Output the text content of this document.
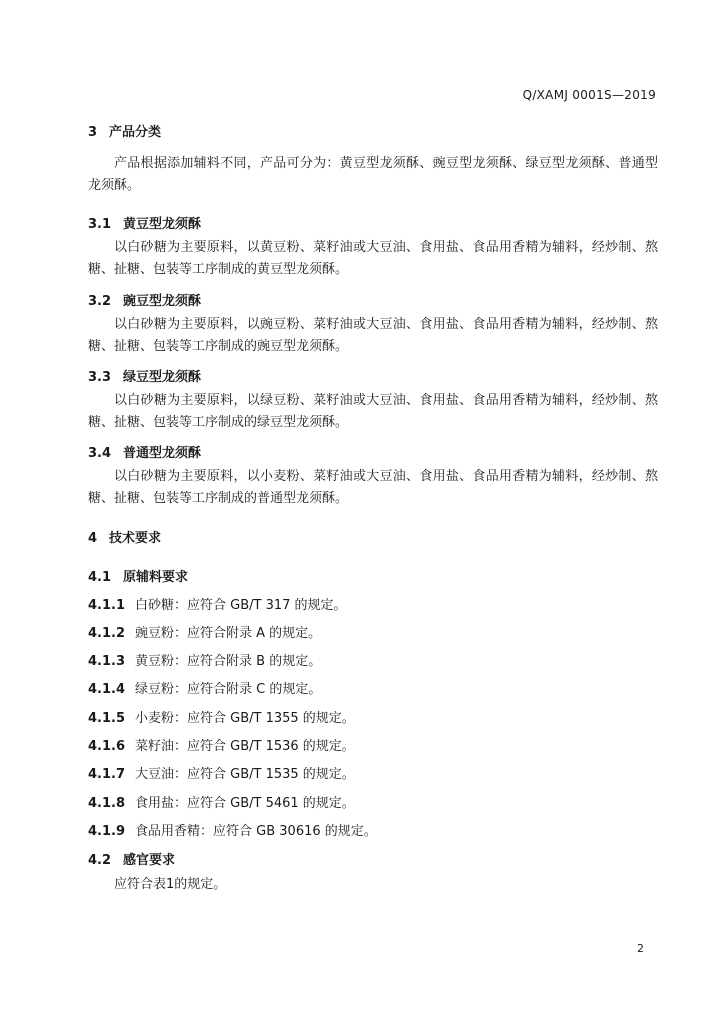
Q/XAMJ 0001S—2019
3 产品分类

产品根据添加辅料不同，产品可分为：黄豆型龙须酥、豌豆型龙须酥、绿豆型龙须酥、普通型龙须酥。

3.1 黄豆型龙须酥

以白砂糖为主要原料，以黄豆粉、菜籽油或大豆油、食用盐、食品用香精为辅料，经炒制、熬糖、扯糖、包装等工序制成的黄豆型龙须酥。

3.2 豌豆型龙须酥

以白砂糖为主要原料，以豌豆粉、菜籽油或大豆油、食用盐、食品用香精为辅料，经炒制、熬糖、扯糖、包装等工序制成的豌豆型龙须酥。

3.3 绿豆型龙须酥

以白砂糖为主要原料，以绿豆粉、菜籽油或大豆油、食用盐、食品用香精为辅料，经炒制、熬糖、扯糖、包装等工序制成的绿豆型龙须酥。

3.4 普通型龙须酥

以白砂糖为主要原料，以小麦粉、菜籽油或大豆油、食用盐、食品用香精为辅料，经炒制、熬糖、扯糖、包装等工序制成的普通型龙须酥。

4 技术要求
4.1 原辅料要求
4.1.1 白砂糖：应符合 GB/T 317 的规定。
4.1.2 豌豆粉：应符合附录 A 的规定。
4.1.3 黄豆粉：应符合附录 B 的规定。
4.1.4 绿豆粉：应符合附录 C 的规定。
4.1.5 小麦粉：应符合 GB/T 1355 的规定。
4.1.6 菜籽油：应符合 GB/T 1536 的规定。
4.1.7 大豆油：应符合 GB/T 1535 的规定。
4.1.8 食用盐：应符合 GB/T 5461 的规定。
4.1.9 食品用香精：应符合 GB 30616 的规定。
4.2 感官要求

应符合表1的规定。

2
